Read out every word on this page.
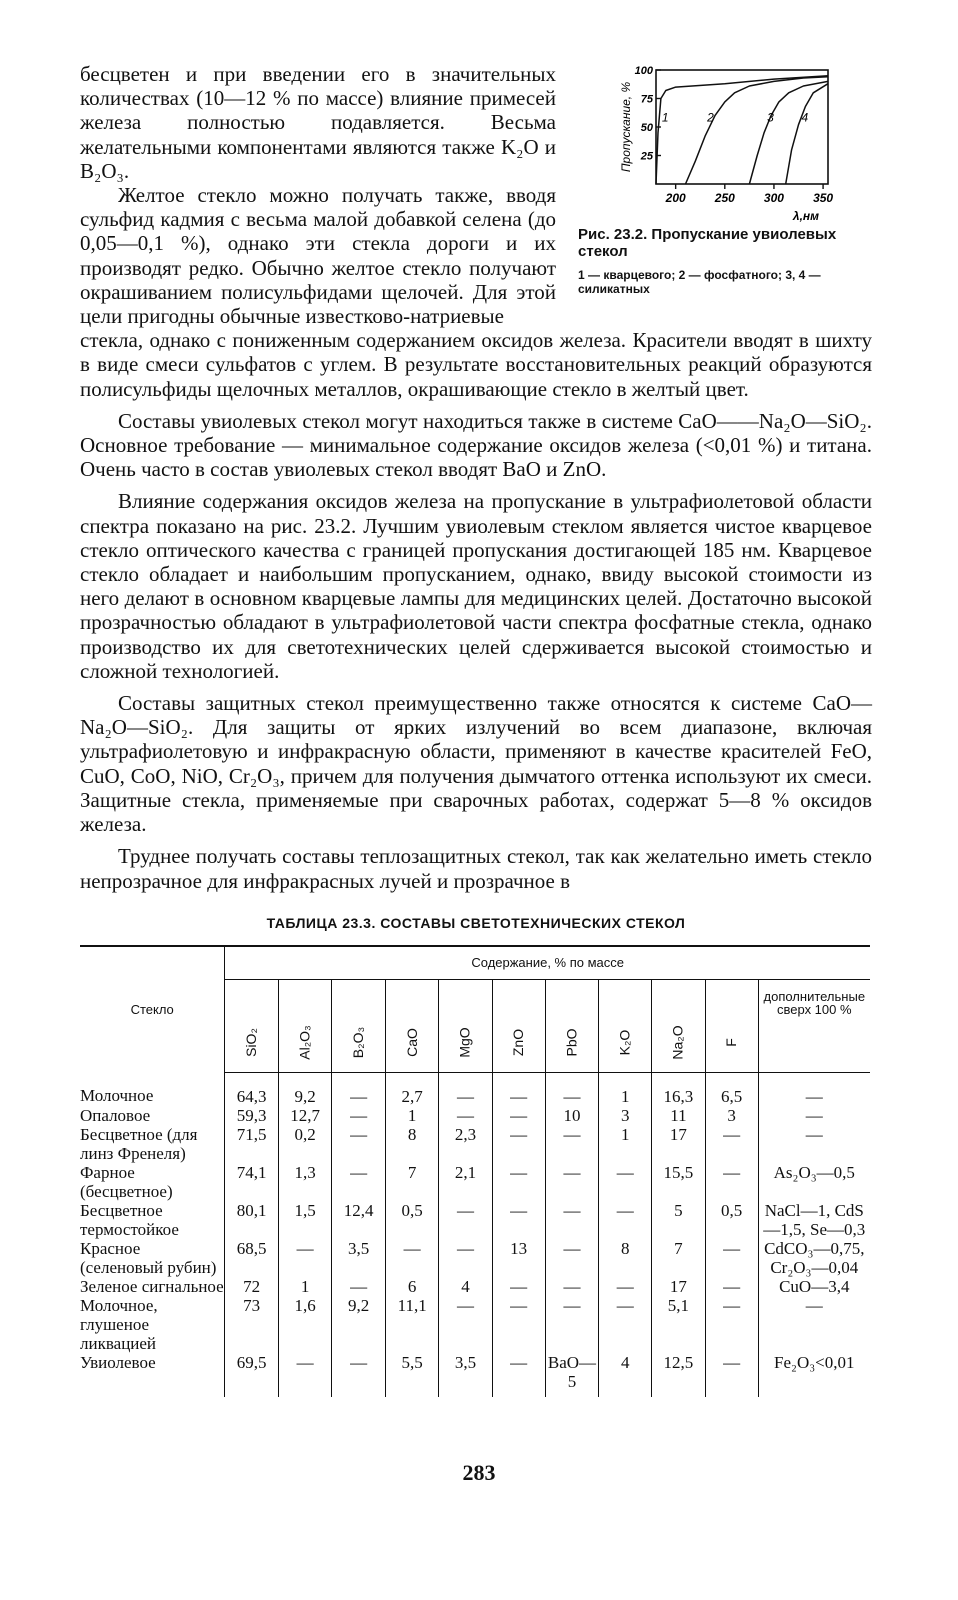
бесцветен и при введении его в значительных количествах (10—12 % по массе) влияние примесей железа полностью подавляется. Весьма желательными компонентами являются также K₂O и B₂O₃.

Желтое стекло можно получать также, вводя сульфид кадмия с весьма малой добавкой селена (до 0,05—0,1 %), однако эти стекла дороги и их производят редко. Обычно желтое стекло получают окрашиванием полисульфидами щелочей. Для этой цели пригодны обычные известково-натриевые

200 250 300 350
25
50
75
100
λ,нм
Пропускание, % 1	2	3 4
Рис. 23.2. Пропускание увиолевых стекол
1 — кварцевого; 2 — фосфатного; 3, 4 — силикатных

стекла, однако с пониженным содержанием оксидов железа. Красители вводят в шихту в виде смеси сульфатов с углем. В результате восстановительных реакций образуются полисульфиды щелочных металлов, окрашивающие стекло в желтый цвет.

Составы увиолевых стекол могут находиться также в системе CaO——Na₂O—SiO₂. Основное требование — минимальное содержание оксидов железа (<0,01 %) и титана. Очень часто в состав увиолевых стекол вводят BaO и ZnO.

Влияние содержания оксидов железа на пропускание в ультрафиолетовой области спектра показано на рис. 23.2. Лучшим увиолевым стеклом является чистое кварцевое стекло оптического качества с границей пропускания достигающей 185 нм. Кварцевое стекло обладает и наибольшим пропусканием, однако, ввиду высокой стоимости из него делают в основном кварцевые лампы для медицинских целей. Достаточно высокой прозрачностью обладают в ультрафиолетовой части спектра фосфатные стекла, однако производство их для светотехнических целей сдерживается высокой стоимостью и сложной технологией.

Составы защитных стекол преимущественно также относятся к системе CaO—Na₂O—SiO₂. Для защиты от ярких излучений во всем диапазоне, включая ультрафиолетовую и инфракрасную области, применяют в качестве красителей FeO, CuO, CoO, NiO, Cr₂O₃, причем для получения дымчатого оттенка используют их смеси. Защитные стекла, применяемые при сварочных работах, содержат 5—8 % оксидов железа.

Труднее получать составы теплозащитных стекол, так как желательно иметь стекло непрозрачное для инфракрасных лучей и прозрачное в

ТАБЛИЦА 23.3. СОСТАВЫ СВЕТОТЕХНИЧЕСКИХ СТЕКОЛ
Стекло	Содержание, % по массе										
	SiO₂	Al₂O₃	B₂O₃	CaO	MgO	ZnO	PbO	K₂O	Na₂O	F	дополнительные сверх 100 %
Молочное	64,3	9,2	—	2,7	—	—	—	1	16,3	6,5	—
Опаловое	59,3	12,7	—	1	—	—	10	3	11	3	—
Бесцветное (для линз Френеля)	71,5	0,2	—	8	2,3	—	—	1	17	—	—
Фарное (бесцветное)	74,1	1,3	—	7	2,1	—	—	—	15,5	—	As₂O₃—0,5
Бесцветное термостойкое	80,1	1,5	12,4	0,5	—	—	—	—	5	0,5	NaCl—1, CdS—1,5, Se—0,3
Красное (селеновый рубин)	68,5	—	3,5	—	—	13	—	8	7	—	CdCO₃—0,75, Cr₂O₃—0,04
Зеленое сигнальное	72	1	—	6	4	—	—	—	17	—	CuO—3,4
Молочное, глушеное ликвацией	73	1,6	9,2	11,1	—	—	—	—	5,1	—	—
Увиолевое	69,5	—	—	5,5	3,5	—	BaO—5	4	12,5	—	Fe₂O₃<0,01
283
